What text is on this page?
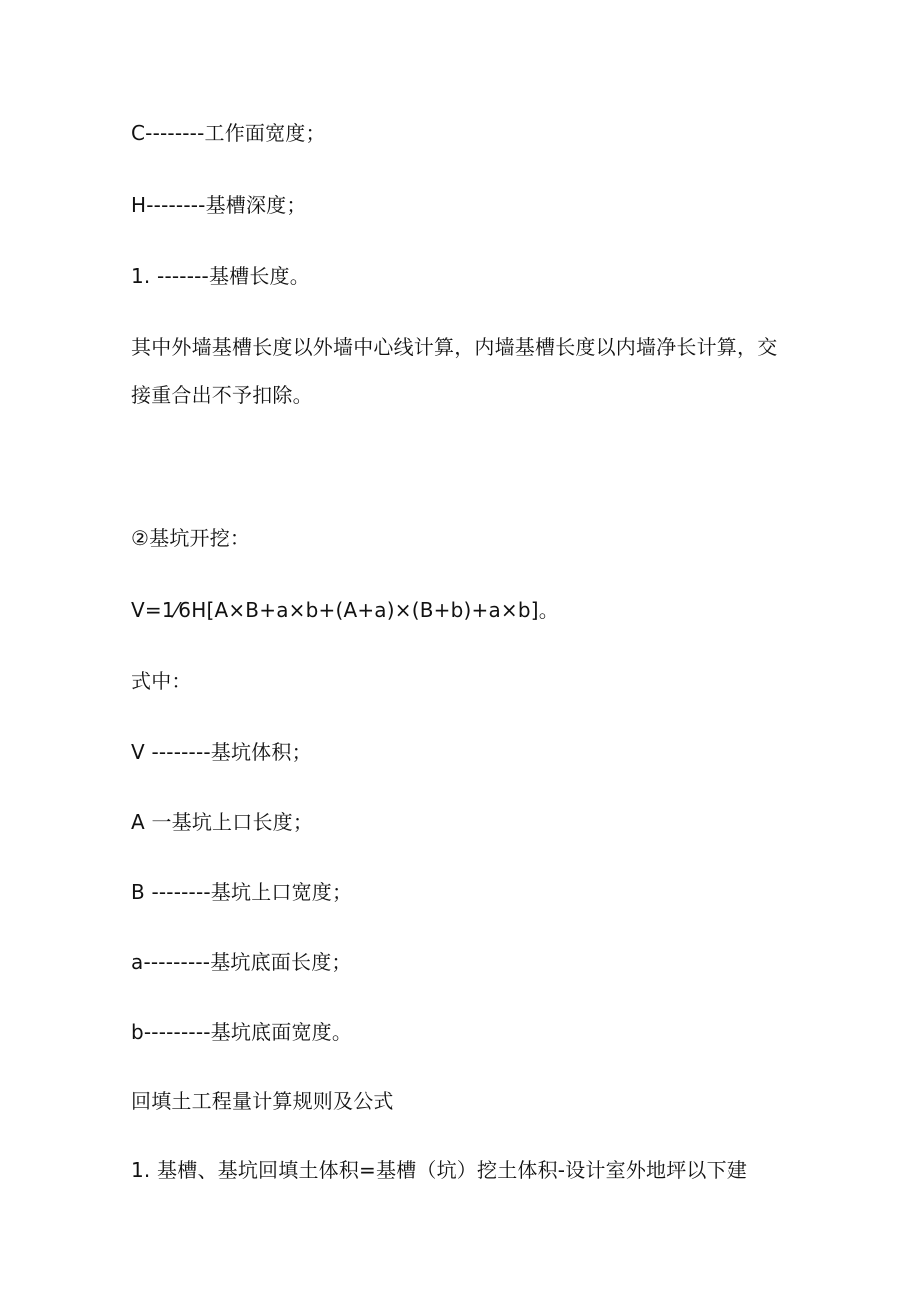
C--------工作面宽度；
H--------基槽深度；
1. -------基槽长度。
其中外墙基槽长度以外墙中心线计算，内墙基槽长度以内墙净长计算，交
接重合出不予扣除。
②基坑开挖：
V=1⁄6H[A×B+a×b+(A+a)×(B+b)+a×b]。
式中：
V --------基坑体积；
A 一基坑上口长度；
B --------基坑上口宽度；
a---------基坑底面长度；
b---------基坑底面宽度。
回填土工程量计算规则及公式
1. 基槽、基坑回填土体积=基槽（坑）挖土体积-设计室外地坪以下建
